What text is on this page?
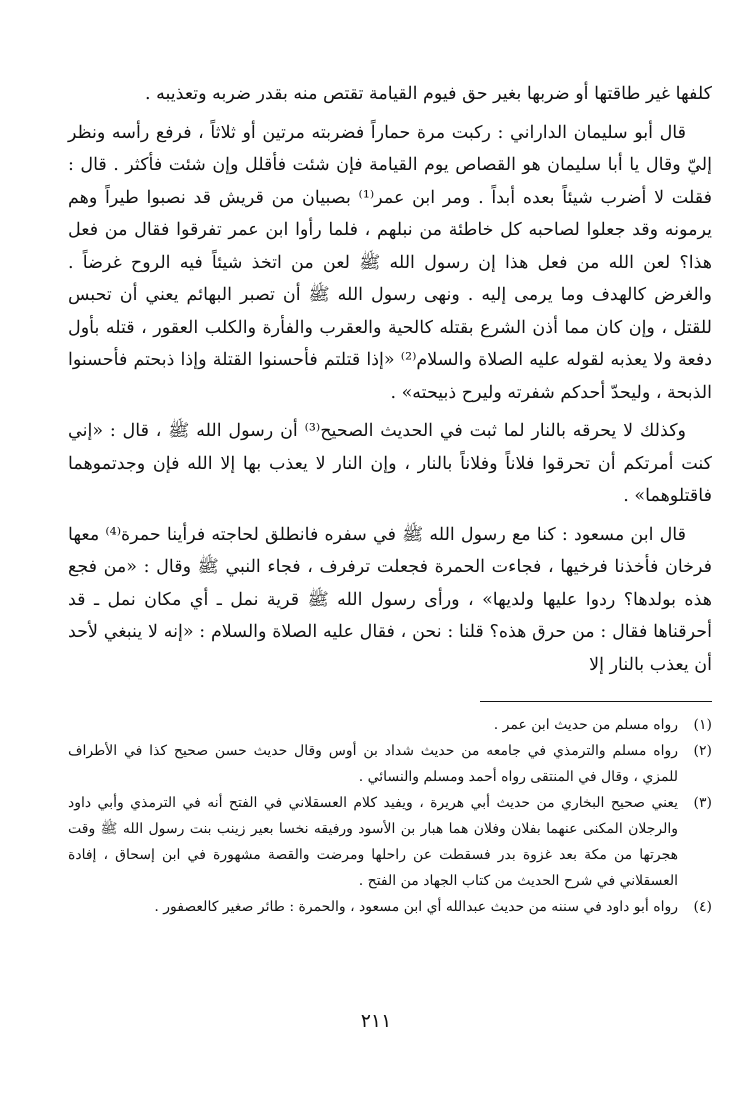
كلفها غير طاقتها أو ضربها بغير حق فيوم القيامة تقتص منه بقدر ضربه وتعذيبه .

قال أبو سليمان الداراني : ركبت مرة حماراً فضربته مرتين أو ثلاثاً ، فرفع رأسه ونظر إليّ وقال يا أبا سليمان هو القصاص يوم القيامة فإن شئت فأقلل وإن شئت فأكثر . قال : فقلت لا أضرب شيئاً بعده أبداً . ومر ابن عمر⁽¹⁾ بصبيان من قريش قد نصبوا طيراً وهم يرمونه وقد جعلوا لصاحبه كل خاطئة من نبلهم ، فلما رأوا ابن عمر تفرقوا فقال من فعل هذا؟ لعن الله من فعل هذا إن رسول الله ﷺ لعن من اتخذ شيئاً فيه الروح غرضاً . والغرض كالهدف وما يرمى إليه . ونهى رسول الله ﷺ أن تصبر البهائم يعني أن تحبس للقتل ، وإن كان مما أذن الشرع بقتله كالحية والعقرب والفأرة والكلب العقور ، قتله بأول دفعة ولا يعذبه لقوله عليه الصلاة والسلام⁽²⁾ «إذا قتلتم فأحسنوا القتلة وإذا ذبحتم فأحسنوا الذبحة ، وليحدّ أحدكم شفرته وليرح ذبيحته» .

وكذلك لا يحرقه بالنار لما ثبت في الحديث الصحيح⁽³⁾ أن رسول الله ﷺ ، قال : «إني كنت أمرتكم أن تحرقوا فلاناً وفلاناً بالنار ، وإن النار لا يعذب بها إلا الله فإن وجدتموهما فاقتلوهما» .

قال ابن مسعود : كنا مع رسول الله ﷺ في سفره فانطلق لحاجته فرأينا حمرة⁽⁴⁾ معها فرخان فأخذنا فرخيها ، فجاءت الحمرة فجعلت ترفرف ، فجاء النبي ﷺ وقال : «من فجع هذه بولدها؟ ردوا عليها ولديها» ، ورأى رسول الله ﷺ قرية نمل ـ أي مكان نمل ـ قد أحرقناها فقال : من حرق هذه؟ قلنا : نحن ، فقال عليه الصلاة والسلام : «إنه لا ينبغي لأحد أن يعذب بالنار إلا

(١)
رواه مسلم من حديث ابن عمر .
(٢)
رواه مسلم والترمذي في جامعه من حديث شداد بن أوس وقال حديث حسن صحيح كذا في الأطراف للمزي ، وقال في المنتقى رواه أحمد ومسلم والنسائي .
(٣)
يعني صحيح البخاري من حديث أبي هريرة ، ويفيد كلام العسقلاني في الفتح أنه في الترمذي وأبي داود والرجلان المكنى عنهما بفلان وفلان هما هبار بن الأسود ورفيقه نخسا بعير زينب بنت رسول الله ﷺ وقت هجرتها من مكة بعد غزوة بدر فسقطت عن راحلها ومرضت والقصة مشهورة في ابن إسحاق ، إفادة العسقلاني في شرح الحديث من كتاب الجهاد من الفتح .
(٤)
رواه أبو داود في سننه من حديث عبدالله أي ابن مسعود ، والحمرة : طائر صغير كالعصفور .
٢١١
